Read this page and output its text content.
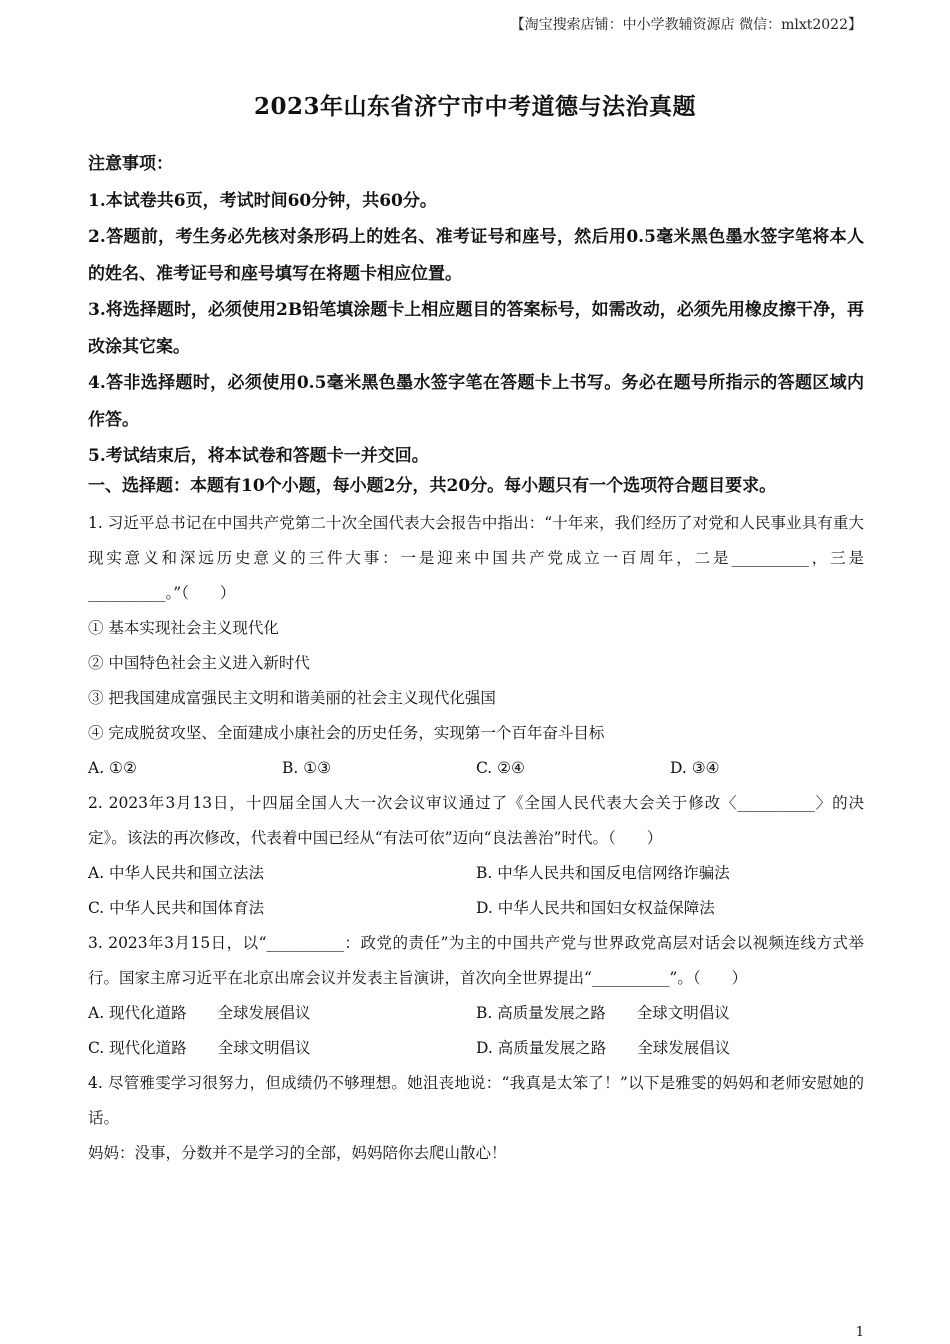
【淘宝搜索店铺：中小学教辅资源店 微信：mlxt2022】
2023年山东省济宁市中考道德与法治真题

注意事项：

1.本试卷共6页，考试时间60分钟，共60分。

2.答题前，考生务必先核对条形码上的姓名、准考证号和座号，然后用0.5毫米黑色墨水签字笔将本人的姓名、准考证号和座号填写在将题卡相应位置。

3.将选择题时，必须使用2B铅笔填涂题卡上相应题目的答案标号，如需改动，必须先用橡皮擦干净，再改涂其它案。

4.答非选择题时，必须使用0.5毫米黑色墨水签字笔在答题卡上书写。务必在题号所指示的答题区域内作答。

5.考试结束后，将本试卷和答题卡一并交回。

一、选择题：本题有10个小题，每小题2分，共20分。每小题只有一个选项符合题目要求。

1. 习近平总书记在中国共产党第二十次全国代表大会报告中指出：“十年来，我们经历了对党和人民事业具有重大现实意义和深远历史意义的三件大事：一是迎来中国共产党成立一百周年，二是__________，三是__________。”（　　）

① 基本实现社会主义现代化

② 中国特色社会主义进入新时代

③ 把我国建成富强民主文明和谐美丽的社会主义现代化强国

④ 完成脱贫攻坚、全面建成小康社会的历史任务，实现第一个百年奋斗目标

A. ①②	B. ①③	C. ②④	D. ③④

2. 2023年3月13日，十四届全国人大一次会议审议通过了《全国人民代表大会关于修改〈__________〉的决定》。该法的再次修改，代表着中国已经从“有法可依”迈向“良法善治”时代。（　　）

A. 中华人民共和国立法法	B. 中华人民共和国反电信网络诈骗法
C. 中华人民共和国体育法	D. 中华人民共和国妇女权益保障法

3. 2023年3月15日，以“__________：政党的责任”为主的中国共产党与世界政党高层对话会以视频连线方式举行。国家主席习近平在北京出席会议并发表主旨演讲，首次向全世界提出“__________”。（　　）

A. 现代化道路　　全球发展倡议	B. 高质量发展之路　　全球文明倡议
C. 现代化道路　　全球文明倡议	D. 高质量发展之路　　全球发展倡议

4. 尽管雅雯学习很努力，但成绩仍不够理想。她沮丧地说：“我真是太笨了！”以下是雅雯的妈妈和老师安慰她的话。

妈妈：没事，分数并不是学习的全部，妈妈陪你去爬山散心！

1
